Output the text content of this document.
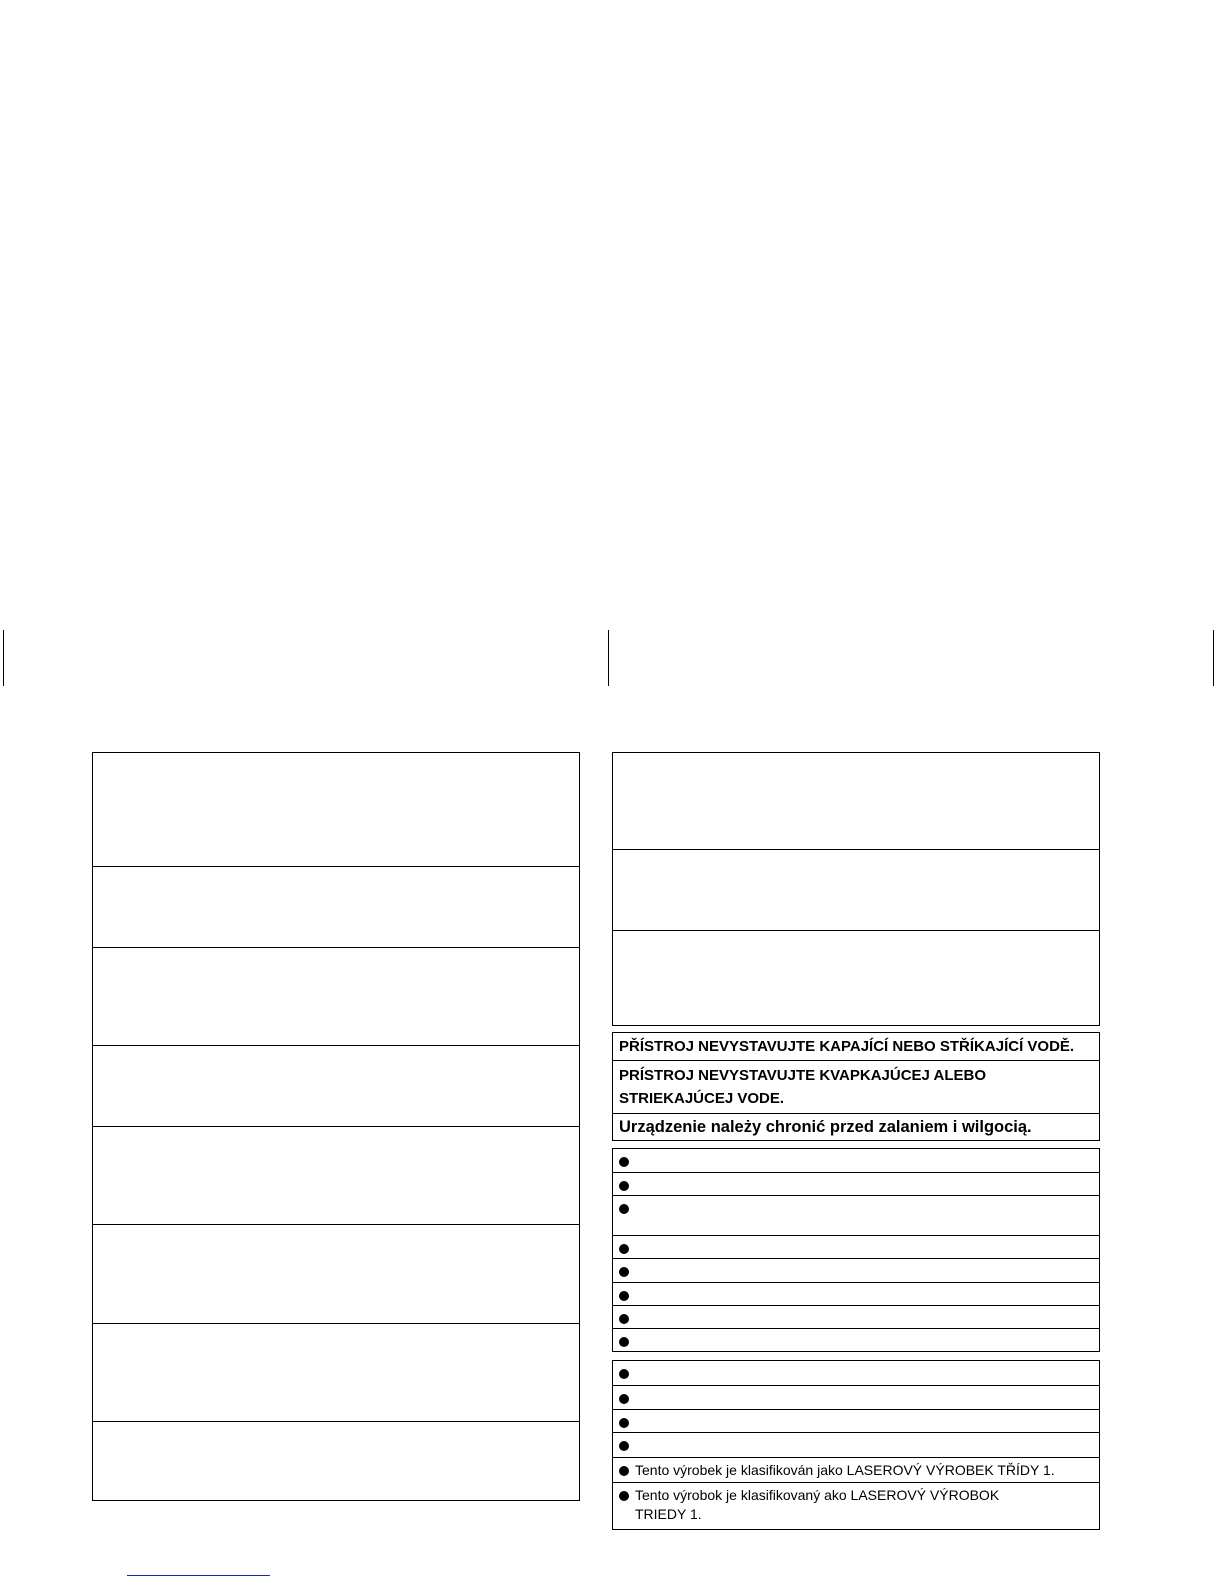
PŘÍSTROJ NEVYSTAVUJTE KAPAJÍCÍ NEBO STŘÍKAJÍCÍ VODĚ.
PRÍSTROJ NEVYSTAVUJTE KVAPKAJÚCEJ ALEBO
STRIEKAJÚCEJ VODE.
Urządzenie należy chronić przed zalaniem i wilgocią.
Tento výrobek je klasifikován jako LASEROVÝ VÝROBEK TŘÍDY 1.
Tento výrobok je klasifikovaný ako LASEROVÝ VÝROBOK
TRIEDY 1.
